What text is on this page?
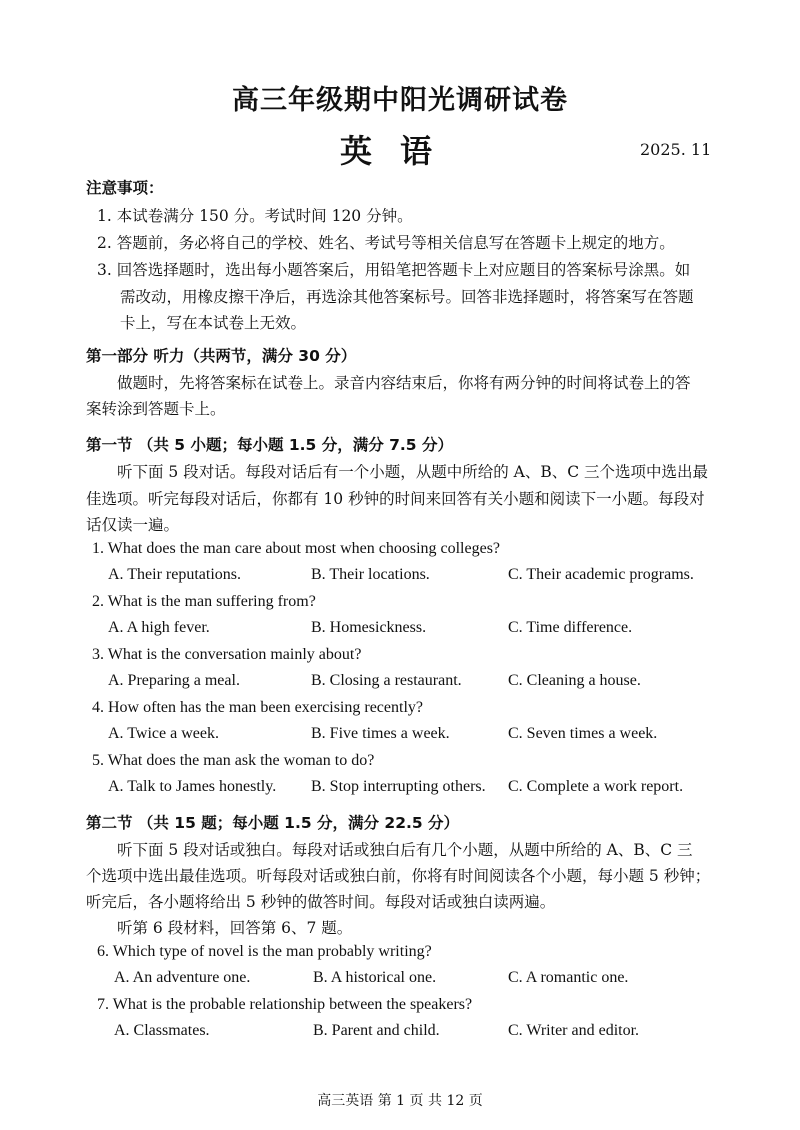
高三年级期中阳光调研试卷
英语	2025. 11
注意事项：
1. 本试卷满分 150 分。考试时间 120 分钟。
2. 答题前，务必将自己的学校、姓名、考试号等相关信息写在答题卡上规定的地方。
3. 回答选择题时，选出每小题答案后，用铅笔把答题卡上对应题目的答案标号涂黑。如
需改动，用橡皮擦干净后，再选涂其他答案标号。回答非选择题时，将答案写在答题
卡上，写在本试卷上无效。
第一部分 听力（共两节，满分 30 分）
做题时，先将答案标在试卷上。录音内容结束后，你将有两分钟的时间将试卷上的答
案转涂到答题卡上。
第一节 （共 5 小题；每小题 1.5 分，满分 7.5 分）
听下面 5 段对话。每段对话后有一个小题，从题中所给的 A、B、C 三个选项中选出最
佳选项。听完每段对话后，你都有 10 秒钟的时间来回答有关小题和阅读下一小题。每段对
话仅读一遍。
1. What does the man care about most when choosing colleges?
A. Their reputations.	B. Their locations.	C. Their academic programs.
2. What is the man suffering from?
A. A high fever.	B. Homesickness.	C. Time difference.
3. What is the conversation mainly about?
A. Preparing a meal.	B. Closing a restaurant.	C. Cleaning a house.
4. How often has the man been exercising recently?
A. Twice a week.	B. Five times a week.	C. Seven times a week.
5. What does the man ask the woman to do?
A. Talk to James honestly. B. Stop interrupting others. C. Complete a work report.
第二节 （共 15 题；每小题 1.5 分，满分 22.5 分）
听下面 5 段对话或独白。每段对话或独白后有几个小题，从题中所给的 A、B、C 三
个选项中选出最佳选项。听每段对话或独白前，你将有时间阅读各个小题，每小题 5 秒钟；
听完后，各小题将给出 5 秒钟的做答时间。每段对话或独白读两遍。
听第 6 段材料，回答第 6、7 题。
6. Which type of novel is the man probably writing?
A. An adventure one.	B. A historical one.	C. A romantic one.
7. What is the probable relationship between the speakers?
A. Classmates.	B. Parent and child.	C. Writer and editor.
高三英语 第 1 页 共 12 页
